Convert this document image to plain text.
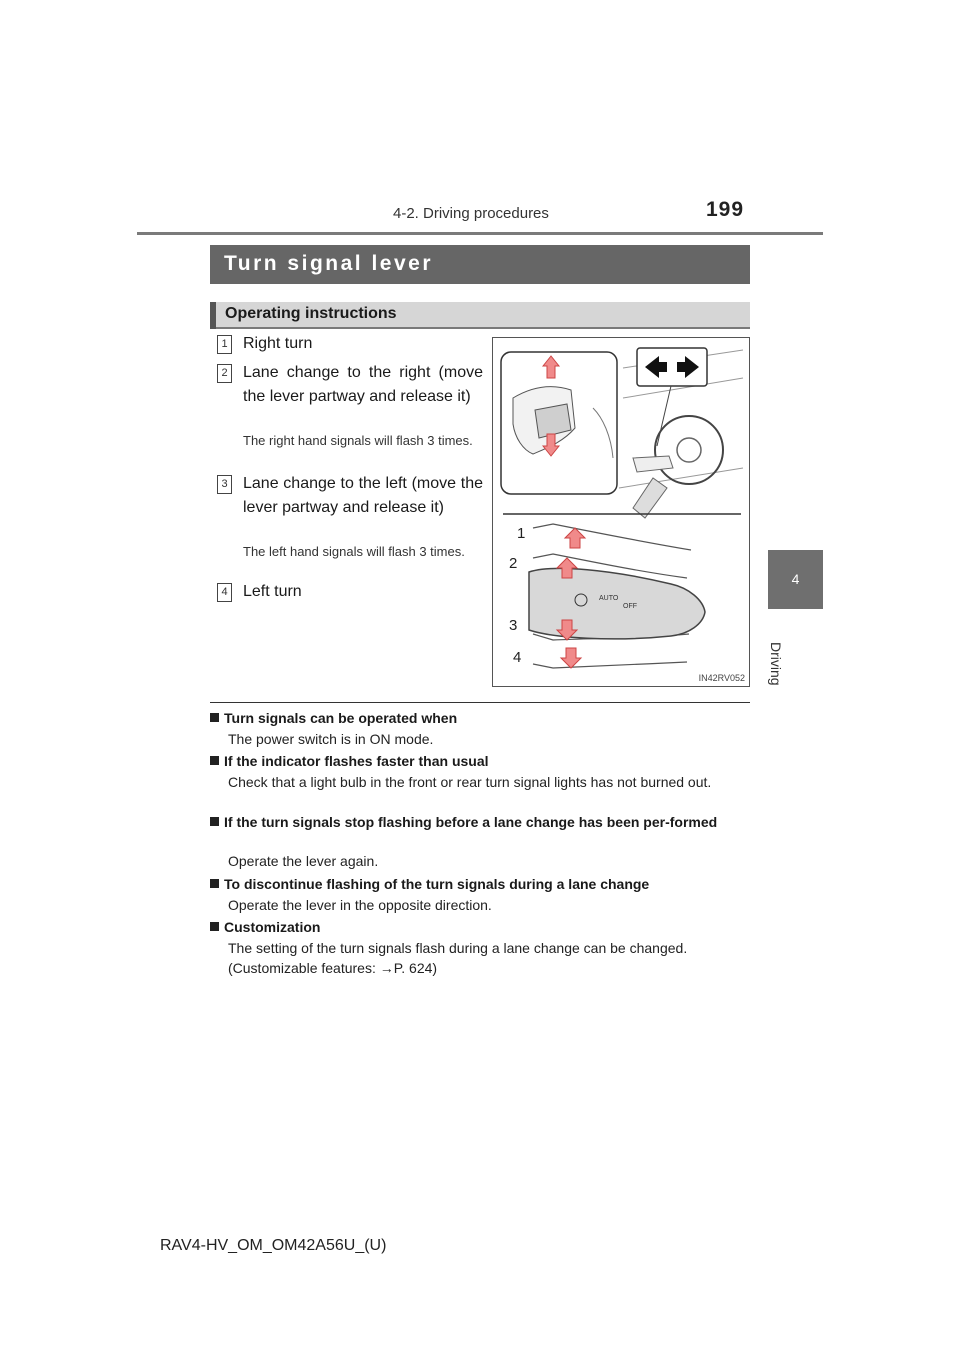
4-2. Driving procedures	199
4
Driving
Turn signal lever
Operating instructions
1 Right turn
2 Lane change to the right (move the lever partway and release it)
The right hand signals will flash 3 times.
3 Lane change to the left (move the lever partway and release it)
The left hand signals will flash 3 times.
4 Left turn	AUTO
OFF
1
2
3
4
IN42RV052
Turn signals can be operated when
The power switch is in ON mode.
If the indicator flashes faster than usual
Check that a light bulb in the front or rear turn signal lights has not burned out.
If the turn signals stop flashing before a lane change has been per-formed
Operate the lever again.
To discontinue flashing of the turn signals during a lane change
Operate the lever in the opposite direction.
Customization
The setting of the turn signals flash during a lane change can be changed.
(Customizable features: →P. 624)
RAV4-HV_OM_OM42A56U_(U)
